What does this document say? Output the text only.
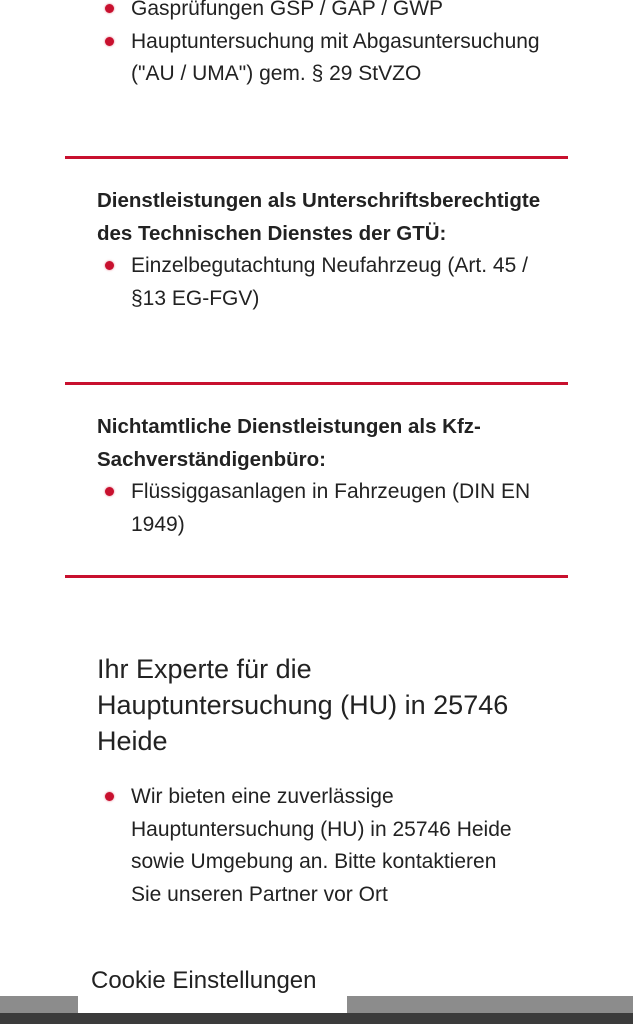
Gasprüfungen GSP / GAP / GWP
Hauptuntersuchung mit Abgasuntersuchung ("AU / UMA") gem. § 29 StVZO

Dienstleistungen als Unterschriftsberechtigte des Technischen Dienstes der GTÜ:

Einzelbegutachtung Neufahrzeug (Art. 45 / §13 EG-FGV)

Nichtamtliche Dienstleistungen als Kfz-Sachverständigenbüro:

Flüssiggasanlagen in Fahrzeugen (DIN EN 1949)
Ihr Experte für die Hauptuntersuchung (HU) in 25746 Heide
Wir bieten eine zuverlässige Hauptuntersuchung (HU) in 25746 Heide sowie Umgebung an. Bitte kontaktieren Sie unseren Partner vor Ort
Cookie Einstellungen
